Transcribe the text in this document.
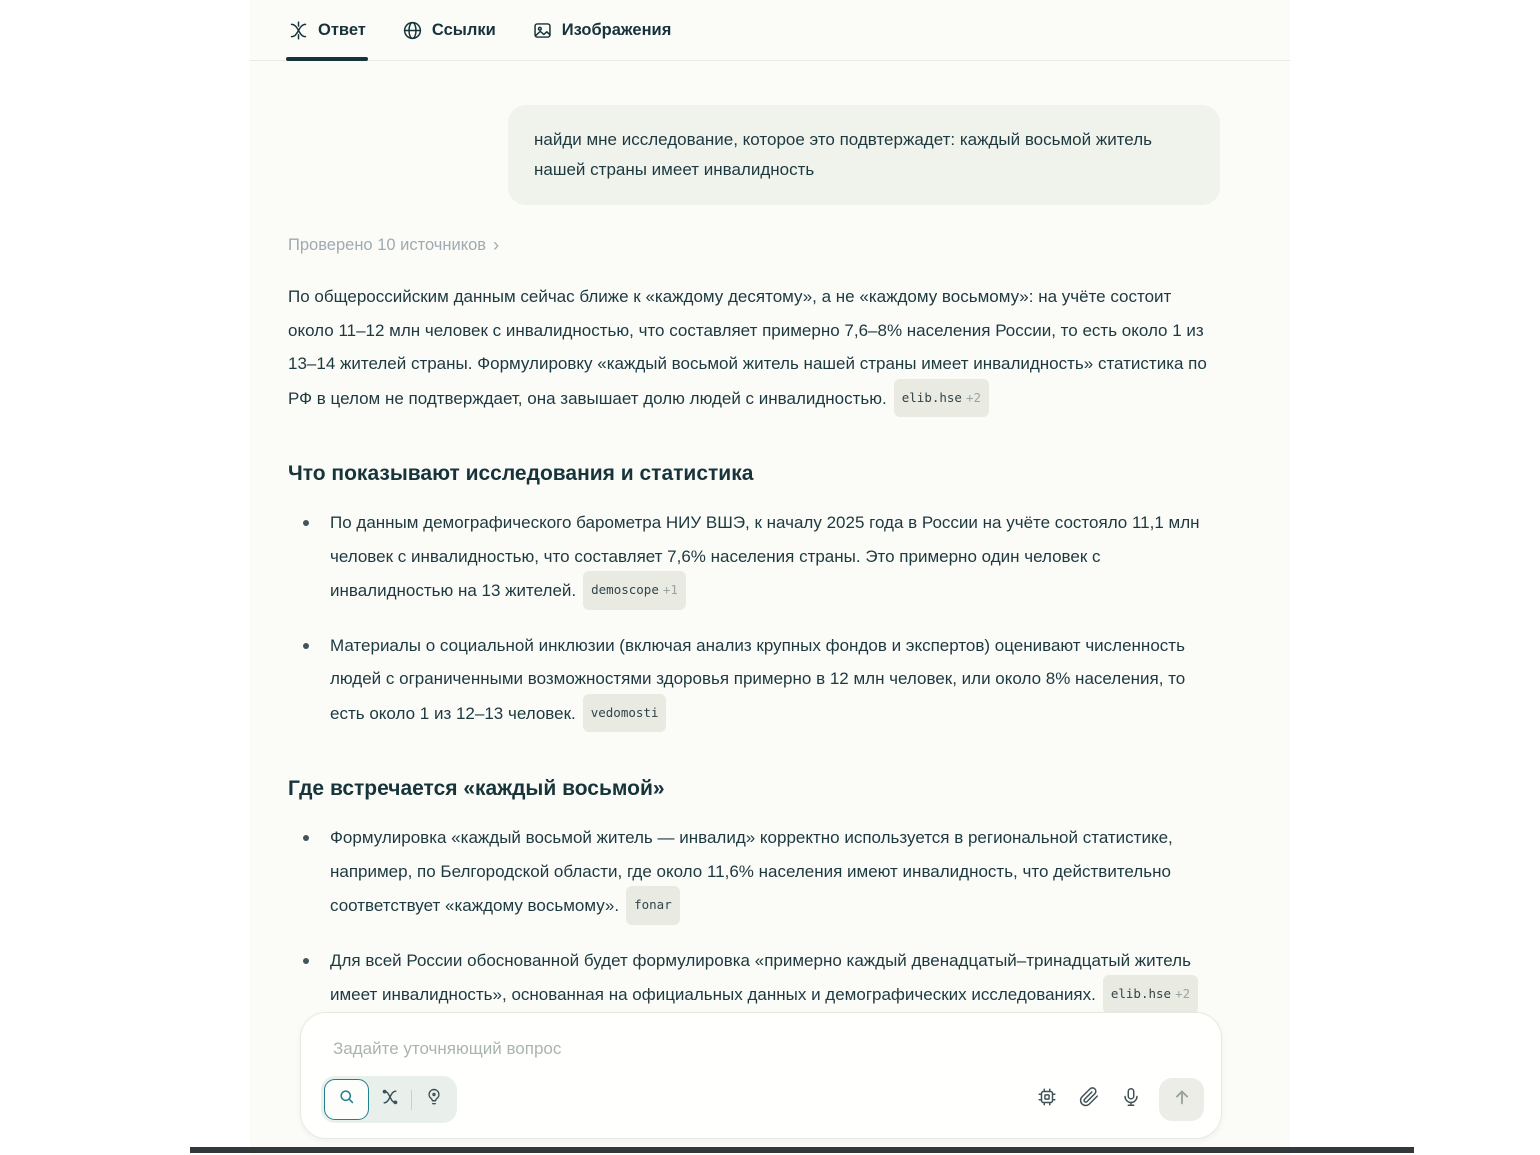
Ответ	Ссылки	Изображения
найди мне исследование, которое это подвтержадет: каждый восьмой житель нашей страны имеет инвалидность
Проверено 10 источников ›

По общероссийским данным сейчас ближе к «каждому десятому», а не «каждому восьмому»: на учёте состоит около 11–12 млн человек с инвалидностью, что составляет примерно 7,6–8% населения России, то есть около 1 из 13–14 жителей страны. Формулировку «каждый восьмой житель нашей страны имеет инвалидность» статистика по РФ в целом не подтверждает, она завышает долю людей с инвалидностью. elib.hse +2

Что показывают исследования и статистика
По данным демографического барометра НИУ ВШЭ, к началу 2025 года в России на учёте состояло 11,1 млн человек с инвалидностью, что составляет 7,6% населения страны. Это примерно один человек с инвалидностью на 13 жителей. demoscope +1
Материалы о социальной инклюзии (включая анализ крупных фондов и экспертов) оценивают численность людей с ограниченными возможностями здоровья примерно в 12 млн человек, или около 8% населения, то есть около 1 из 12–13 человек. vedomosti
Где встречается «каждый восьмой»
Формулировка «каждый восьмой житель — инвалид» корректно используется в региональной статистике, например, по Белгородской области, где около 11,6% населения имеют инвалидность, что действительно соответствует «каждому восьмому». fonar
Для всей России обоснованной будет формулировка «примерно каждый двенадцатый–тринадцатый житель имеет инвалидность», основанная на официальных данных и демографических исследованиях. elib.hse +2
Задайте уточняющий вопрос
